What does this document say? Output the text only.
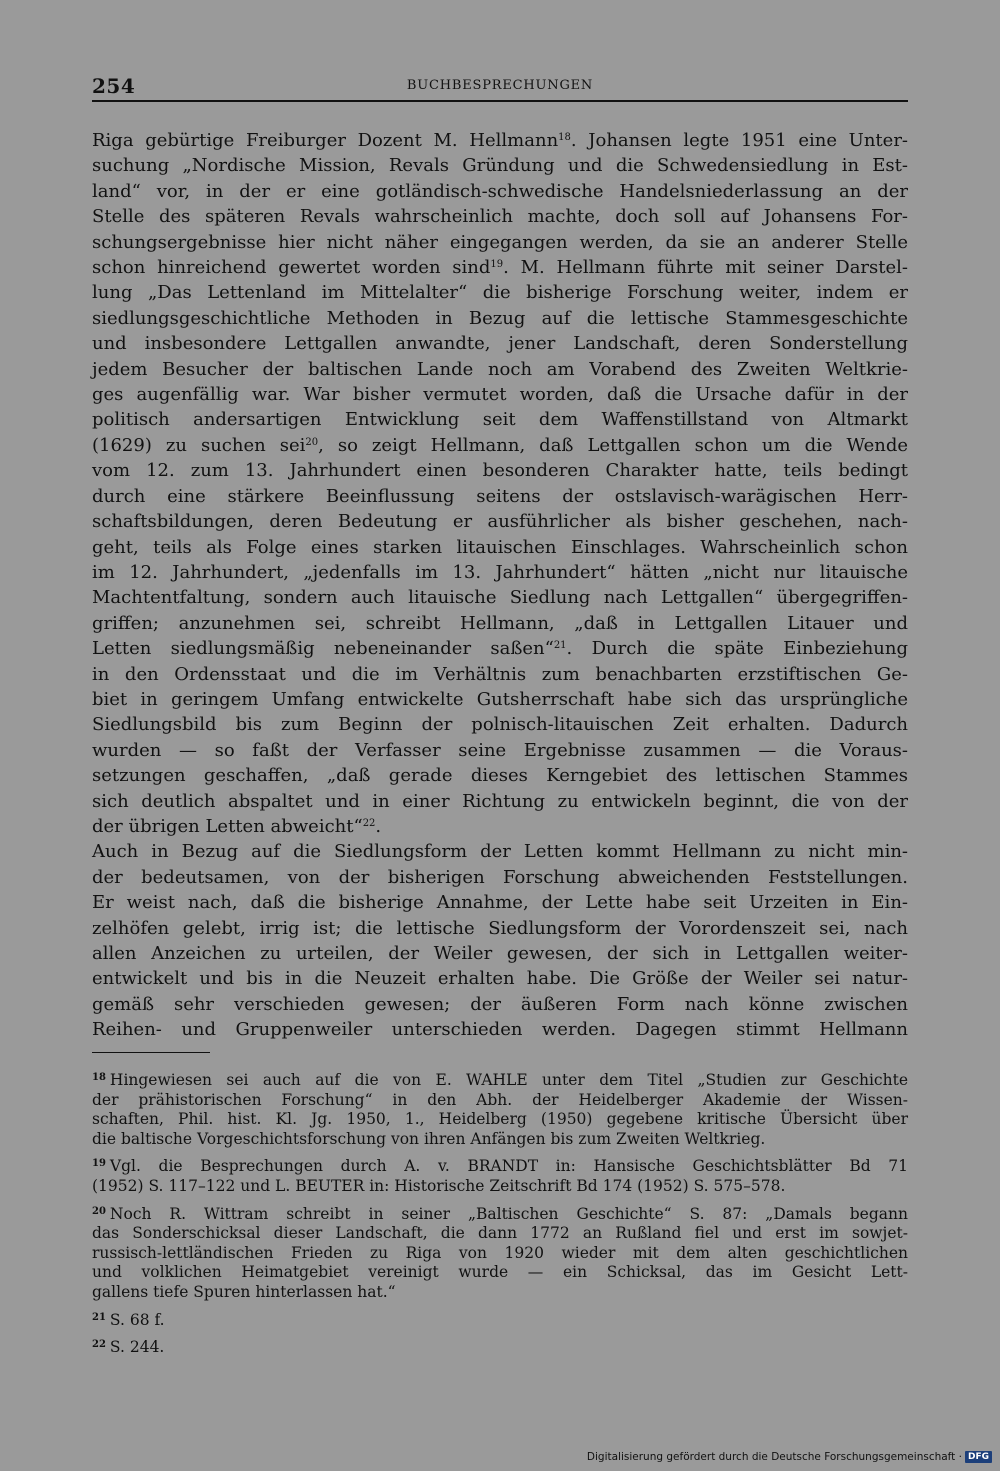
254	BUCHBESPRECHUNGEN

Riga gebürtige Freiburger Dozent M. Hellmann$^{18}$. Johansen legte 1951 eine Unter-
suchung „Nordische Mission, Revals Gründung und die Schwedensiedlung in Est-
land“ vor, in der er eine gotländisch-schwedische Handelsniederlassung an der
Stelle des späteren Revals wahrscheinlich machte, doch soll auf Johansens For-
schungsergebnisse hier nicht näher eingegangen werden, da sie an anderer Stelle
schon hinreichend gewertet worden sind$^{19}$. M. Hellmann führte mit seiner Darstel-
lung „Das Lettenland im Mittelalter“ die bisherige Forschung weiter, indem er
siedlungsgeschichtliche Methoden in Bezug auf die lettische Stammesgeschichte
und insbesondere Lettgallen anwandte, jener Landschaft, deren Sonderstellung
jedem Besucher der baltischen Lande noch am Vorabend des Zweiten Weltkrie-
ges augenfällig war. War bisher vermutet worden, daß die Ursache dafür in der
politisch andersartigen Entwicklung seit dem Waffenstillstand von Altmarkt
(1629) zu suchen sei$^{20}$, so zeigt Hellmann, daß Lettgallen schon um die Wende
vom 12. zum 13. Jahrhundert einen besonderen Charakter hatte, teils bedingt
durch eine stärkere Beeinflussung seitens der ostslavisch-warägischen Herr-
schaftsbildungen, deren Bedeutung er ausführlicher als bisher geschehen, nach-
geht, teils als Folge eines starken litauischen Einschlages. Wahrscheinlich schon
im 12. Jahrhundert, „jedenfalls im 13. Jahrhundert“ hätten „nicht nur litauische
Machtentfaltung, sondern auch litauische Siedlung nach Lettgallen“ übergegriffen-
griffen; anzunehmen sei, schreibt Hellmann, „daß in Lettgallen Litauer und
Letten siedlungsmäßig nebeneinander saßen“$^{21}$. Durch die späte Einbeziehung
in den Ordensstaat und die im Verhältnis zum benachbarten erzstiftischen Ge-
biet in geringem Umfang entwickelte Gutsherrschaft habe sich das ursprüngliche
Siedlungsbild bis zum Beginn der polnisch-litauischen Zeit erhalten. Dadurch
wurden — so faßt der Verfasser seine Ergebnisse zusammen — die Voraus-
setzungen geschaffen, „daß gerade dieses Kerngebiet des lettischen Stammes
sich deutlich abspaltet und in einer Richtung zu entwickeln beginnt, die von der
der übrigen Letten abweicht“$^{22}$.

Auch in Bezug auf die Siedlungsform der Letten kommt Hellmann zu nicht min-
der bedeutsamen, von der bisherigen Forschung abweichenden Feststellungen.
Er weist nach, daß die bisherige Annahme, der Lette habe seit Urzeiten in Ein-
zelhöfen gelebt, irrig ist; die lettische Siedlungsform der Vorordenszeit sei, nach
allen Anzeichen zu urteilen, der Weiler gewesen, der sich in Lettgallen weiter-
entwickelt und bis in die Neuzeit erhalten habe. Die Größe der Weiler sei natur-
gemäß sehr verschieden gewesen; der äußeren Form nach könne zwischen
Reihen- und Gruppenweiler unterschieden werden. Dagegen stimmt Hellmann

$^{18}$ Hingewiesen sei auch auf die von E. WAHLE unter dem Titel „Studien zur Geschichte
der prähistorischen Forschung“ in den Abh. der Heidelberger Akademie der Wissen-
schaften, Phil. hist. Kl. Jg. 1950, 1., Heidelberg (1950) gegebene kritische Übersicht über
die baltische Vorgeschichtsforschung von ihren Anfängen bis zum Zweiten Weltkrieg.
$^{19}$ Vgl. die Besprechungen durch A. v. BRANDT in: Hansische Geschichtsblätter Bd 71
(1952) S. 117–122 und L. BEUTER in: Historische Zeitschrift Bd 174 (1952) S. 575–578.
$^{20}$ Noch R. Wittram schreibt in seiner „Baltischen Geschichte“ S. 87: „Damals begann
das Sonderschicksal dieser Landschaft, die dann 1772 an Rußland fiel und erst im sowjet-
russisch-lettländischen Frieden zu Riga von 1920 wieder mit dem alten geschichtlichen
und volklichen Heimatgebiet vereinigt wurde — ein Schicksal, das im Gesicht Lett-
gallens tiefe Spuren hinterlassen hat.“
$^{21}$ S. 68 f.
$^{22}$ S. 244.
Digitalisierung gefördert durch die Deutsche Forschungsgemeinschaft · DFG
